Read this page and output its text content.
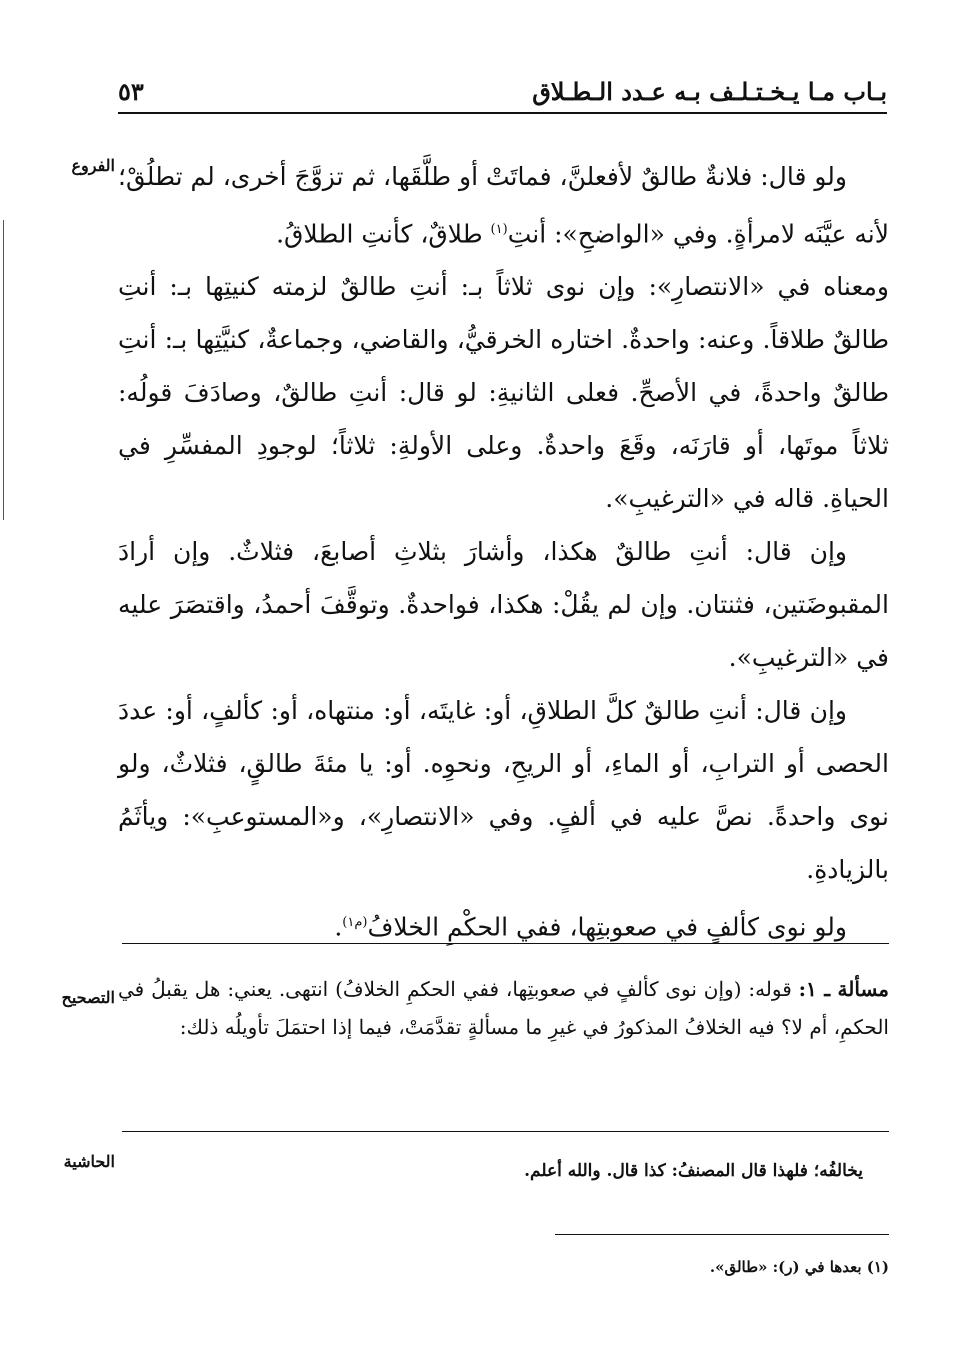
بـاب مـا يـخـتـلـف بـه عـدد الـطـلاق
٥٣
الفروع
التصحيح
الحاشية

ولو قال: فلانةٌ طالقٌ لأفعلنَّ، فماتَتْ أو طلَّقَها، ثم تزوَّجَ أخرى، لم تطلُقْ؛ لأنه عيَّنَه لامرأةٍ. وفي «الواضحِ»: أنتِ$^{(١)}$ طلاقٌ، كأنتِ الطلاقُ.

ومعناه في «الانتصارِ»: وإن نوى ثلاثاً بـ: أنتِ طالقٌ لزمته كنيتِها بـ: أنتِ طالقٌ طلاقاً. وعنه: واحدةٌ. اختاره الخرقيُّ، والقاضي، وجماعةٌ، كنيَّتِها بـ: أنتِ طالقٌ واحدةً، في الأصحِّ. فعلى الثانيةِ: لو قال: أنتِ طالقٌ، وصادَفَ قولُه: ثلاثاً موتَها، أو قارَنَه، وقَعَ واحدةٌ. وعلى الأولةِ: ثلاثاً؛ لوجودِ المفسِّرِ في الحياةِ. قاله في «الترغيبِ».

وإن قال: أنتِ طالقٌ هكذا، وأشارَ بثلاثِ أصابعَ، فثلاثٌ. وإن أرادَ المقبوضَتين، فثنتان. وإن لم يقُلْ: هكذا، فواحدةٌ. وتوقَّفَ أحمدُ، واقتصَرَ عليه في «الترغيبِ».

وإن قال: أنتِ طالقٌ كلَّ الطلاقِ، أو: غايتَه، أو: منتهاه، أو: كألفٍ، أو: عددَ الحصى أو الترابِ، أو الماءِ، أو الريحِ، ونحوِه. أو: يا مئةَ طالقٍ، فثلاثٌ، ولو نوى واحدةً. نصَّ عليه في ألفٍ. وفي «الانتصارِ»، و«المستوعبِ»: ويأثَمُ بالزيادةِ.

ولو نوى كألفٍ في صعوبتِها، ففي الحكْمِ الخلافُ$^{(م١)}$.

مسألة ـ ١: قوله: (وإن نوى كألفٍ في صعوبتِها، ففي الحكمِ الخلافُ) انتهى. يعني: هل يقبلُ في الحكمِ، أم لا؟ فيه الخلافُ المذكورُ في غيرِ ما مسألةٍ تقدَّمَتْ، فيما إذا احتمَلَ تأويلُه ذلك:

يخالفُه؛ فلهذا قال المصنفُ: كذا قال. والله أعلم.
(١) بعدها في (ر): «طالق».
